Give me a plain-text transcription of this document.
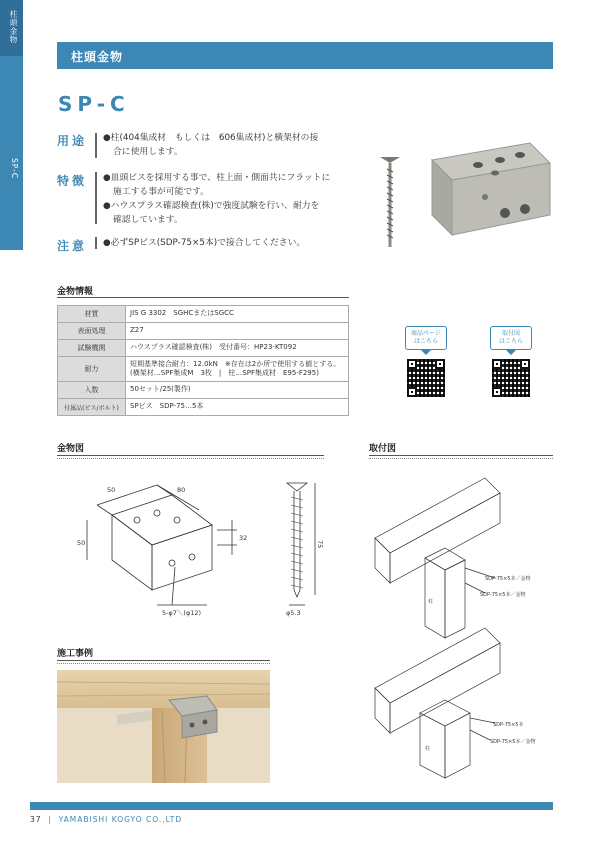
柱頭金物
SP-C
柱頭金物
SP-C
用途 ●柱(404集成材　もしくは　606集成材)と横架材の接

合に使用します。

特徴 ●皿頭ビスを採用する事で、柱上面・側面共にフラットに

施工する事が可能です。

●ハウスプラス確認検査(株)で強度試験を行い、耐力を

確認しています。

注意 ●必ずSPビス(SDP-75×5本)で接合してください。

金物情報
材質	JIS G 3302　SGHCまたはSGCC
表面処理	Z27
試験機関	ハウスプラス確認検査(株)　受付番号：HP23-KT092
耐力	短期基準接合耐力：12.0kN　※存在は2か所で使用する値とする。
(横架材…SPF集成M　3枚　|　柱…SPF集成材　E95-F295)

入数	50セット/25(製作)
付属品(ビス/ボルト)	SPビス　SDP-75…5本
商品ページ
はこちら
取付図
はこちら
金物図
50	80
50
32
5-φ7＼(φ12)
75
φ5.3
取付図
SDP-75×5本／金物
SDP-75×5本／金物
柱
SDP-75×5本
SDP-75×5本／金物
柱
施工事例
37  |  YAMABISHI KOGYO CO.,LTD
